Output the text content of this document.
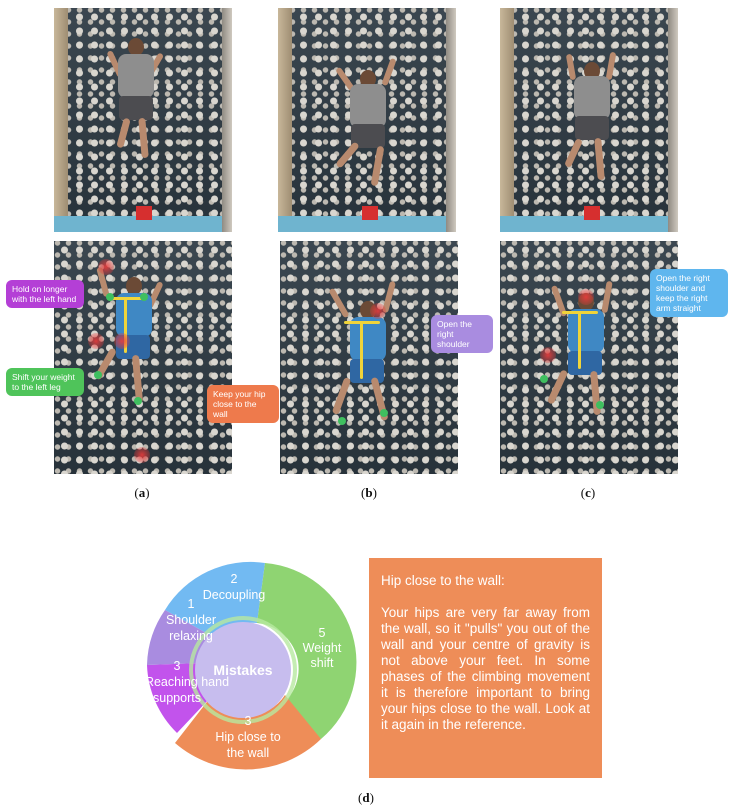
Hold on longer with the left hand
Shift your weight to the left leg
Keep your hip close to the wall
Open the right shoulder
Open the right shoulder and keep the right arm straight
(a)	(b)	(c)
Mistakes
2
Decoupling
5
Weight
shift
3
Hip close to
the wall
3
Reaching hand
supports
1
Shoulder
relaxing
Hip close to the wall:
Your hips are very far away from the wall, so it "pulls" you out of the wall and your centre of gravity is not above your feet. In some phases of the climbing movement it is therefore important to bring your hips close to the wall. Look at it again in the reference.
(d)
